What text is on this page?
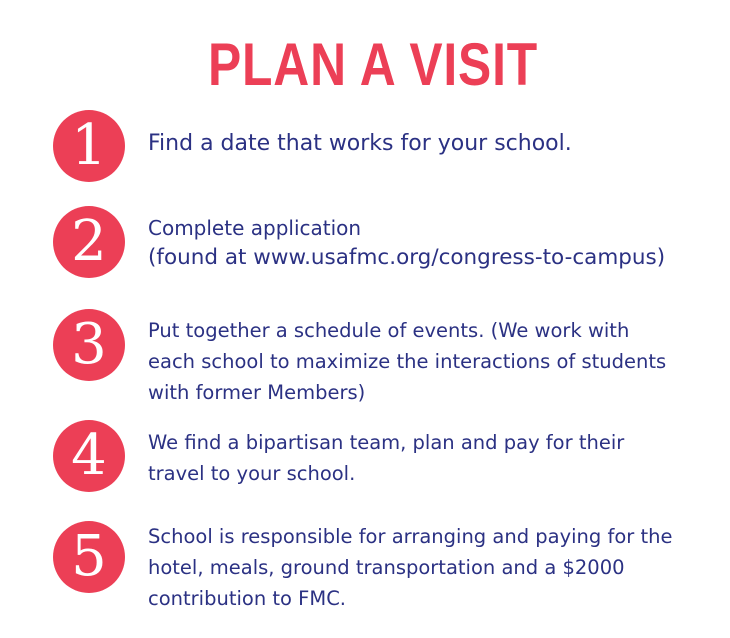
PLAN A VISIT
1	Find a date that works for your school.
2	Complete application
(found at www.usafmc.org/congress-to-campus)
3	Put together a schedule of events. (We work with
each school to maximize the interactions of students
with former Members)
4	We find a bipartisan team, plan and pay for their
travel to your school.
5	School is responsible for arranging and paying for the
hotel, meals, ground transportation and a $2000
contribution to FMC.
